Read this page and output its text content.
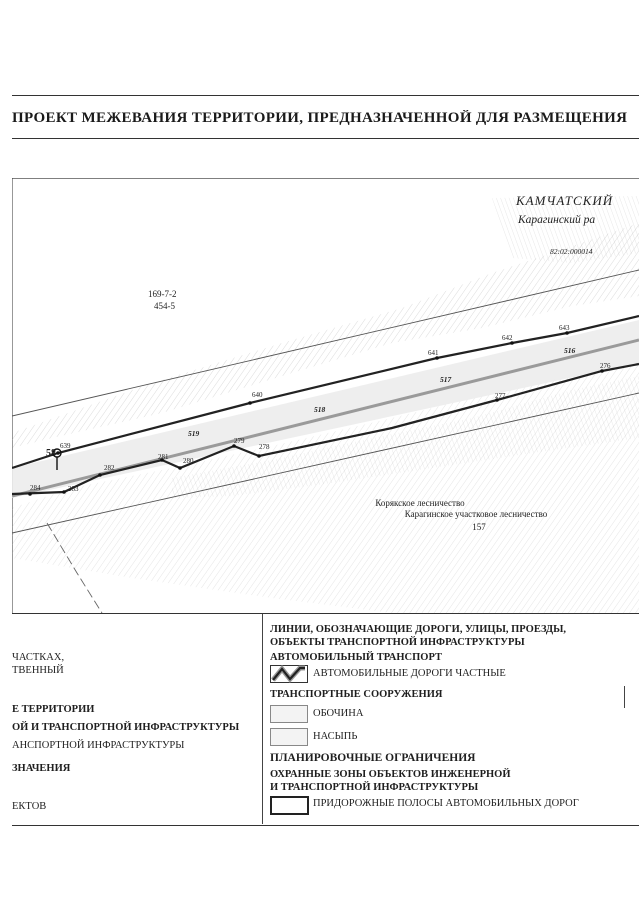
ПРОЕКТ МЕЖЕВАНИЯ ТЕРРИТОРИИ, ПРЕДНАЗНАЧЕННОЙ ДЛЯ РАЗМЕЩЕНИЯ
58
639
640
641
642
643
284	283
282
281 280
279
278
277
276
519
518
517
516
КАМЧАТСКИЙ
Карагинский ра
82:02:000014
169-7-2
454-5
Корякское лесничество
Карагинское участковое лесничество
157
ЧАСТКАХ,
ТВЕННЫЙ
Е ТЕРРИТОРИИ
ОЙ И ТРАНСПОРТНОЙ ИНФРАСТРУКТУРЫ
АНСПОРТНОЙ ИНФРАСТРУКТУРЫ
ЗНАЧЕНИЯ
ЕКТОВ
ЛИНИИ, ОБОЗНАЧАЮЩИЕ ДОРОГИ, УЛИЦЫ, ПРОЕЗДЫ,
ОБЪЕКТЫ ТРАНСПОРТНОЙ ИНФРАСТРУКТУРЫ
АВТОМОБИЛЬНЫЙ ТРАНСПОРТ
АВТОМОБИЛЬНЫЕ ДОРОГИ ЧАСТНЫЕ
ТРАНСПОРТНЫЕ СООРУЖЕНИЯ
ОБОЧИНА
НАСЫПЬ
ПЛАНИРОВОЧНЫЕ ОГРАНИЧЕНИЯ
ОХРАННЫЕ ЗОНЫ ОБЪЕКТОВ ИНЖЕНЕРНОЙ
И ТРАНСПОРТНОЙ ИНФРАСТРУКТУРЫ
ПРИДОРОЖНЫЕ ПОЛОСЫ АВТОМОБИЛЬНЫХ ДОРОГ
